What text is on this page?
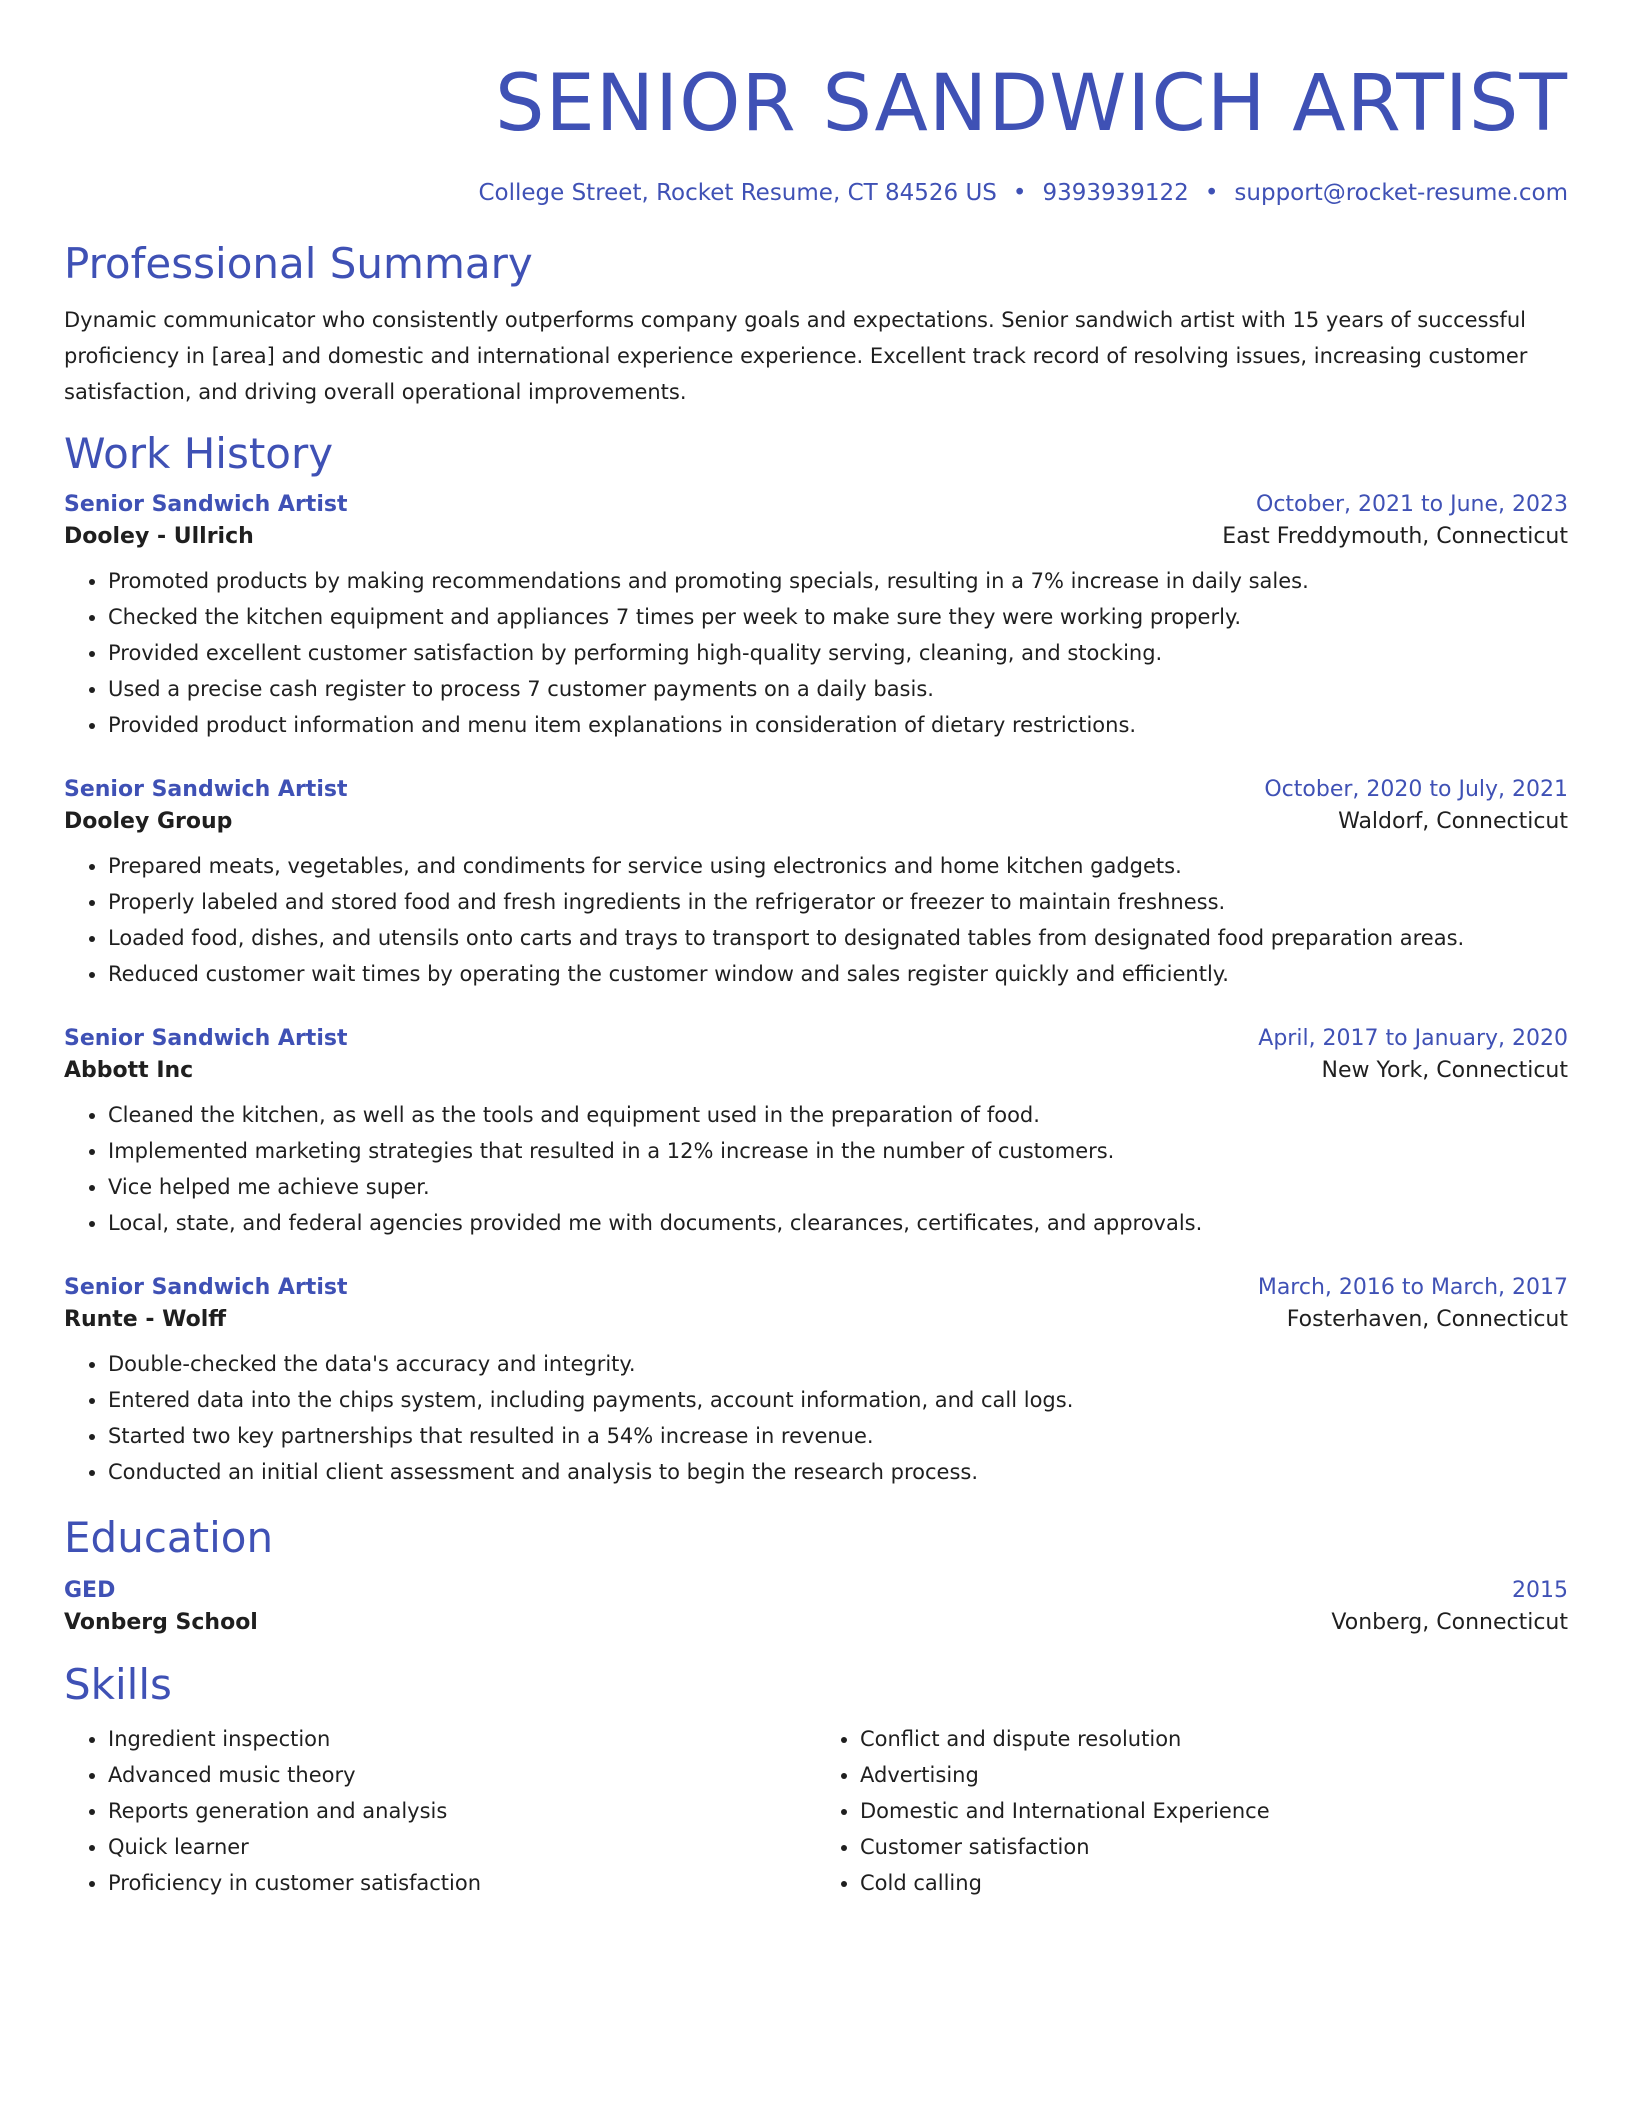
SENIOR SANDWICH ARTIST
College Street, Rocket Resume, CT 84526 US • 9393939122 • support@rocket-resume.com
Professional Summary
Dynamic communicator who consistently outperforms company goals and expectations. Senior sandwich artist with 15 years of successful proficiency in [area] and domestic and international experience experience. Excellent track record of resolving issues, increasing customer satisfaction, and driving overall operational improvements.
Work History
Senior Sandwich Artist	October, 2021 to June, 2023
Dooley - Ullrich	East Freddymouth, Connecticut
• Promoted products by making recommendations and promoting specials, resulting in a 7% increase in daily sales.
• Checked the kitchen equipment and appliances 7 times per week to make sure they were working properly.
• Provided excellent customer satisfaction by performing high-quality serving, cleaning, and stocking.
• Used a precise cash register to process 7 customer payments on a daily basis.
• Provided product information and menu item explanations in consideration of dietary restrictions.
Senior Sandwich Artist	October, 2020 to July, 2021
Dooley Group	Waldorf, Connecticut
• Prepared meats, vegetables, and condiments for service using electronics and home kitchen gadgets.
• Properly labeled and stored food and fresh ingredients in the refrigerator or freezer to maintain freshness.
• Loaded food, dishes, and utensils onto carts and trays to transport to designated tables from designated food preparation areas.
• Reduced customer wait times by operating the customer window and sales register quickly and efficiently.
Senior Sandwich Artist	April, 2017 to January, 2020
Abbott Inc	New York, Connecticut
• Cleaned the kitchen, as well as the tools and equipment used in the preparation of food.
• Implemented marketing strategies that resulted in a 12% increase in the number of customers.
• Vice helped me achieve super.
• Local, state, and federal agencies provided me with documents, clearances, certificates, and approvals.
Senior Sandwich Artist	March, 2016 to March, 2017
Runte - Wolff	Fosterhaven, Connecticut
• Double-checked the data's accuracy and integrity.
• Entered data into the chips system, including payments, account information, and call logs.
• Started two key partnerships that resulted in a 54% increase in revenue.
• Conducted an initial client assessment and analysis to begin the research process.
Education
GED	2015
Vonberg School	Vonberg, Connecticut
Skills
• Ingredient inspection
• Advanced music theory
• Reports generation and analysis
• Quick learner
• Proficiency in customer satisfaction
• Conflict and dispute resolution
• Advertising
• Domestic and International Experience
• Customer satisfaction
• Cold calling
